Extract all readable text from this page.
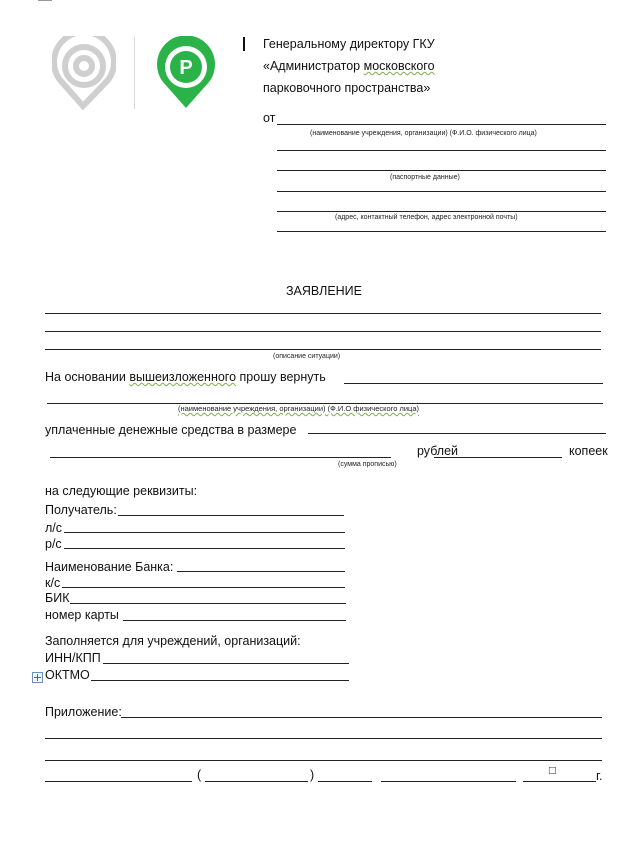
P
Генеральному директору ГКУ
«Администратор московского
парковочного пространства»
от
(наименование учреждения, организации) (Ф.И.О. физического лица)
(паспортные данные)
(адрес, контактный телефон, адрес электронной почты)
ЗАЯВЛЕНИЕ
(описание ситуации)
На основании вышеизложенного прошу вернуть
(наименование учреждения, организации) (Ф.И.О физического лица)
уплаченные денежные средства в размере
рублей	копеек
(сумма прописью)
на следующие реквизиты:
Получатель:
л/с
р/с
Наименование Банка:
к/с
БИК
номер карты
Заполняется для учреждений, организаций:
ИНН/КПП
ОКТМО
Приложение:
(	)	□	г.
